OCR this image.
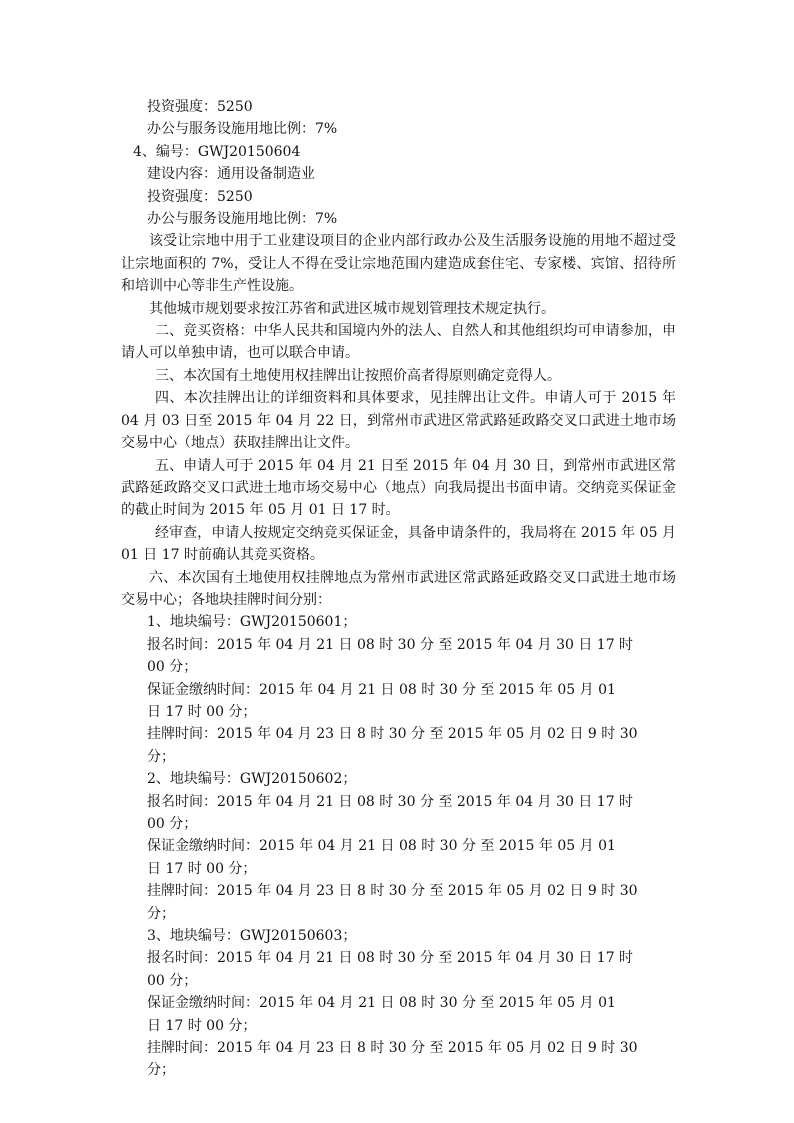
投资强度：5250

办公与服务设施用地比例：7%

4、编号：GWJ20150604

建设内容：通用设备制造业

投资强度：5250

办公与服务设施用地比例：7%

该受让宗地中用于工业建设项目的企业内部行政办公及生活服务设施的用地不超过受让宗地面积的 7%，受让人不得在受让宗地范围内建造成套住宅、专家楼、宾馆、招待所和培训中心等非生产性设施。

其他城市规划要求按江苏省和武进区城市规划管理技术规定执行。

二、竞买资格：中华人民共和国境内外的法人、自然人和其他组织均可申请参加，申请人可以单独申请，也可以联合申请。

三、本次国有土地使用权挂牌出让按照价高者得原则确定竞得人。

四、本次挂牌出让的详细资料和具体要求，见挂牌出让文件。申请人可于 2015 年 04 月 03 日至 2015 年 04 月 22 日，到常州市武进区常武路延政路交叉口武进土地市场交易中心（地点）获取挂牌出让文件。

五、申请人可于 2015 年 04 月 21 日至 2015 年 04 月 30 日，到常州市武进区常武路延政路交叉口武进土地市场交易中心（地点）向我局提出书面申请。交纳竞买保证金的截止时间为 2015 年 05 月 01 日 17 时。

经审查，申请人按规定交纳竞买保证金，具备申请条件的，我局将在 2015 年 05 月 01 日 17 时前确认其竞买资格。

六、本次国有土地使用权挂牌地点为常州市武进区常武路延政路交叉口武进土地市场交易中心；各地块挂牌时间分别：

1、地块编号：GWJ20150601；

报名时间：2015 年 04 月 21 日 08 时 30 分 至 2015 年 04 月 30 日 17 时

00 分；

保证金缴纳时间：2015 年 04 月 21 日 08 时 30 分 至 2015 年 05 月 01

日 17 时 00 分；

挂牌时间：2015 年 04 月 23 日 8 时 30 分 至 2015 年 05 月 02 日 9 时 30

分；

2、地块编号：GWJ20150602；

报名时间：2015 年 04 月 21 日 08 时 30 分 至 2015 年 04 月 30 日 17 时

00 分；

保证金缴纳时间：2015 年 04 月 21 日 08 时 30 分 至 2015 年 05 月 01

日 17 时 00 分；

挂牌时间：2015 年 04 月 23 日 8 时 30 分 至 2015 年 05 月 02 日 9 时 30

分；

3、地块编号：GWJ20150603；

报名时间：2015 年 04 月 21 日 08 时 30 分 至 2015 年 04 月 30 日 17 时

00 分；

保证金缴纳时间：2015 年 04 月 21 日 08 时 30 分 至 2015 年 05 月 01

日 17 时 00 分；

挂牌时间：2015 年 04 月 23 日 8 时 30 分 至 2015 年 05 月 02 日 9 时 30

分；
